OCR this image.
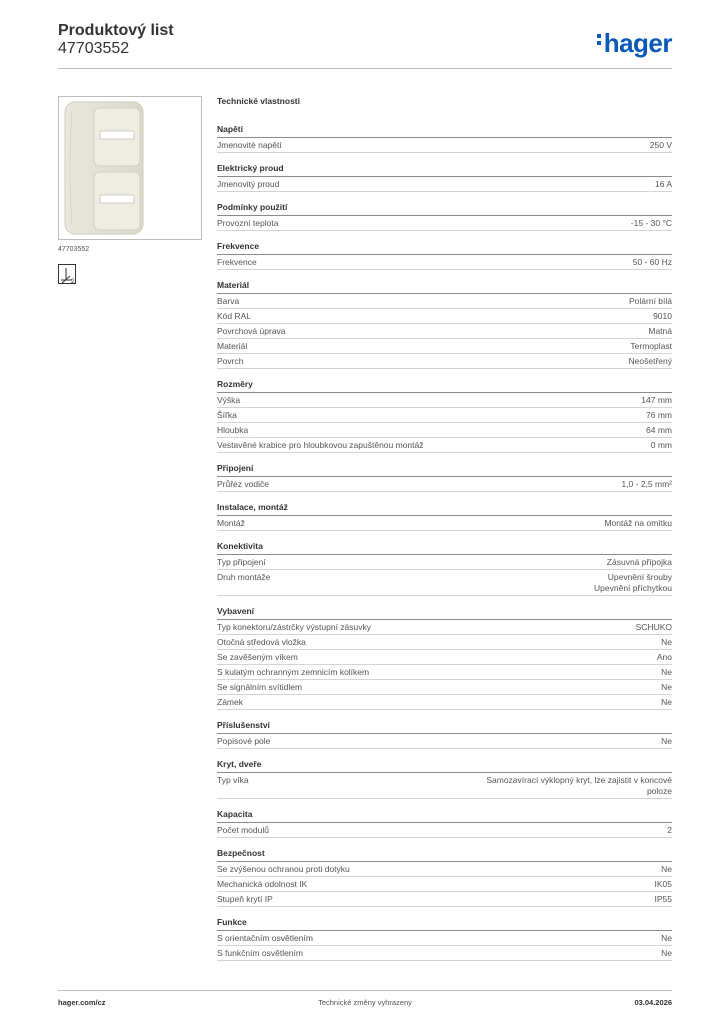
Produktový list
47703552	hager
47703552
2
Technické vlastnosti
Napětí
Jmenovité napětí	250 V
Elektrický proud
Jmenovitý proud	16 A
Podmínky použití
Provozní teplota	-15 - 30 °C
Frekvence
Frekvence	50 - 60 Hz
Materiál
Barva	Polární bílá
Kód RAL	9010
Povrchová úprava	Matná
Materiál	Termoplast
Povrch	Neošetřený
Rozměry
Výška	147 mm
Šířka	76 mm
Hloubka	64 mm
Vestavěné krabice pro hloubkovou zapuštěnou montáž	0 mm
Připojení
Průřez vodiče	1,0 - 2,5 mm²
Instalace, montáž
Montáž	Montáž na omítku
Konektivita
Typ připojení	Zásuvná přípojka
Druh montáže	Upevnění šrouby
Upevnění příchytkou
Vybavení
Typ konektoru/zástrčky výstupní zásuvky	SCHUKO
Otočná středová vložka	Ne
Se zavěšeným víkem	Ano
S kulatým ochranným zemnicím kolíkem	Ne
Se signálním svítidlem	Ne
Zámek	Ne
Příslušenství
Popisové pole	Ne
Kryt, dveře
Typ víka	Samozavírací výklopný kryt, lze zajistit v koncové
poloze
Kapacita
Počet modulů	2
Bezpečnost
Se zvýšenou ochranou proti dotyku	Ne
Mechanická odolnost IK	IK05
Stupeň krytí IP	IP55
Funkce
S orientačním osvětlením	Ne
S funkčním osvětlením	Ne
hager.com/cz	Technické změny vyhrazeny	03.04.2026
